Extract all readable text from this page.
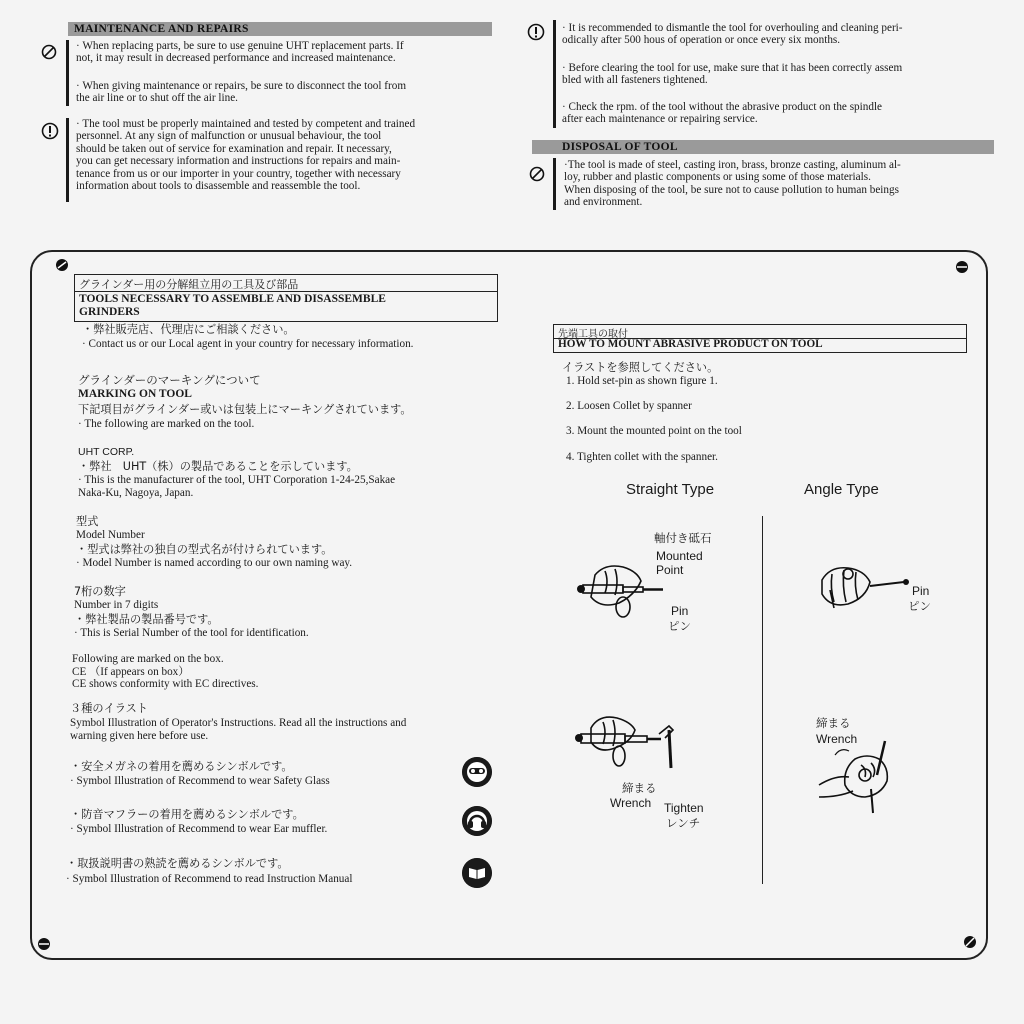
MAINTENANCE AND REPAIRS
· When replacing parts, be sure to use genuine UHT replacement parts. If
not, it may result in decreased performance and increased maintenance.
· When giving maintenance or repairs, be sure to disconnect the tool from
the air line or to shut off the air line.
· The tool must be properly maintained and tested by competent and trained
personnel. At any sign of malfunction or unusual behaviour, the tool
should be taken out of service for examination and repair. It necessary,
you can get necessary information and instructions for repairs and main-
tenance from us or our importer in your country, together with necessary
information about tools to disassemble and reassemble the tool.
· It is recommended to dismantle the tool for overhouling and cleaning peri-
odically after 500 hous of operation or once every six months.
· Before clearing the tool for use, make sure that it has been correctly assem
bled with all fasteners tightened.
· Check the rpm. of the tool without the abrasive product on the spindle
after each maintenance or repairing service.
DISPOSAL OF TOOL
·The tool is made of steel, casting iron, brass, bronze casting, aluminum al-
loy, rubber and plastic components or using some of those materials.
When disposing of the tool, be sure not to cause pollution to human beings
and environment.
グラインダー用の分解組立用の工具及び部品
TOOLS NECESSARY TO ASSEMBLE AND DISASSEMBLE
GRINDERS
・弊社販売店、代理店にご相談ください。
· Contact us or our Local agent in your country for necessary information.
グラインダーのマーキングについて
MARKING ON TOOL
下記項目がグラインダー或いは包装上にマーキングされています。
· The following are marked on the tool.
UHT CORP.
・弊社　UHT（株）の製品であることを示しています。
· This is the manufacturer of the tool, UHT Corporation 1-24-25,Sakae
Naka-Ku, Nagoya, Japan.
型式
Model Number
・型式は弊社の独自の型式名が付けられています。
· Model Number is named according to our own naming way.
7桁の数字
Number in 7 digits
・弊社製品の製品番号です。
· This is Serial Number of the tool for identification.
Following are marked on the box.
CE （If appears on box）
CE shows conformity with EC directives.
３種のイラスト
Symbol Illustration of Operator's Instructions. Read all the instructions and
warning given here before use.
・安全メガネの着用を薦めるシンボルです。
· Symbol Illustration of Recommend to wear Safety Glass
・防音マフラーの着用を薦めるシンボルです。
· Symbol Illustration of Recommend to wear Ear muffler.
・取扱説明書の熟読を薦めるシンボルです。
· Symbol Illustration of Recommend to read Instruction Manual
先端工具の取付
HOW TO MOUNT ABRASIVE PRODUCT ON TOOL
イラストを参照してください。
1. Hold set-pin as shown figure 1.
2. Loosen Collet by spanner
3. Mount the mounted point on the tool
4. Tighten collet with the spanner.
Straight Type	Angle Type
軸付き砥石
Mounted
Point
Pin
ピン
Pin
ピン
締まる
Wrench Tighten
レンチ
締まる
Wrench
